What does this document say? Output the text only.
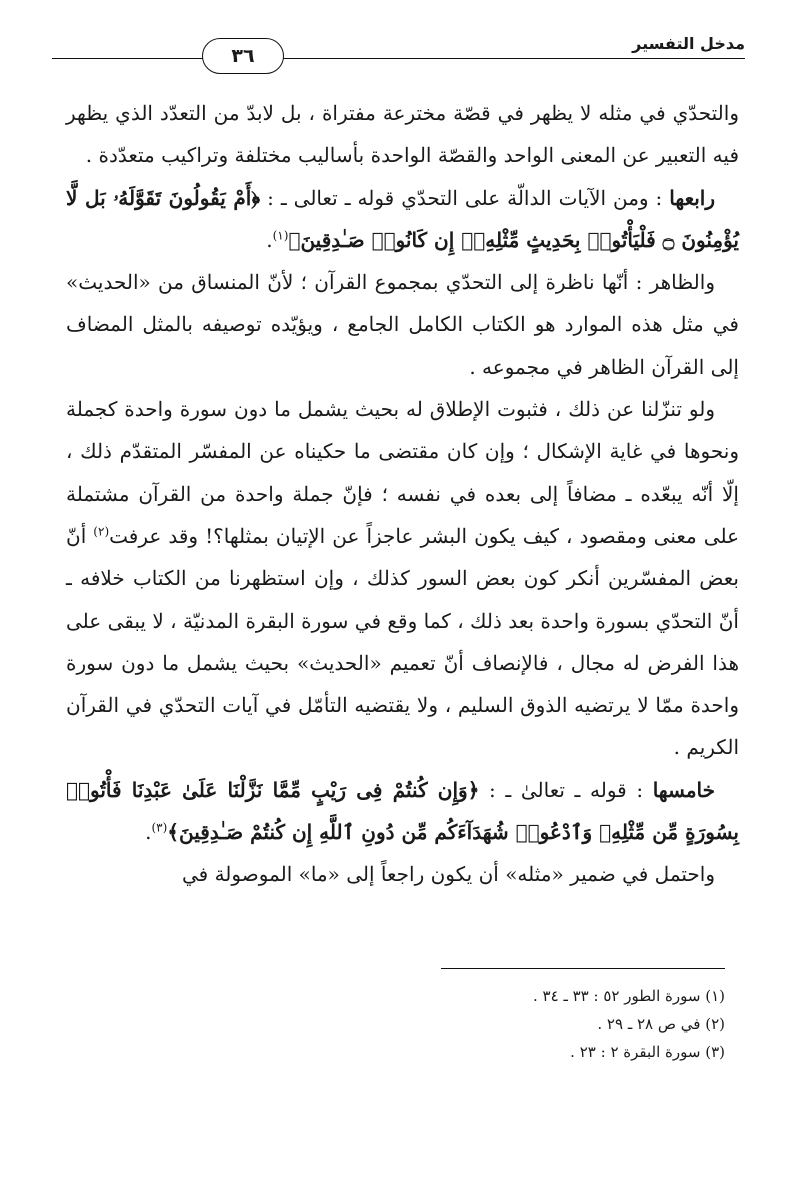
مدخل التفسير
٣٦

والتحدّي في مثله لا يظهر في قصّة مخترعة مفتراة ، بل لابدّ من التعدّد الذي يظهر فيه التعبير عن المعنى الواحد والقصّة الواحدة بأساليب مختلفة وتراكيب متعدّدة .

رابعها : ومن الآيات الدالّة على التحدّي قوله ـ تعالى ـ : ﴿أَمْ يَقُولُونَ تَقَوَّلَهُۥ بَل لَّا يُؤْمِنُونَ ۝ فَلْيَأْتُوا۟ بِحَدِيثٍ مِّثْلِهِۦٓ إِن كَانُوا۟ صَـٰدِقِينَ﴾$^{(١)}$.

والظاهر : أنّها ناظرة إلى التحدّي بمجموع القرآن ؛ لأنّ المنساق من «الحديث» في مثل هذه الموارد هو الكتاب الكامل الجامع ، ويؤيّده توصيفه بالمثل المضاف إلى القرآن الظاهر في مجموعه .

ولو تنزّلنا عن ذلك ، فثبوت الإطلاق له بحيث يشمل ما دون سورة واحدة كجملة ونحوها في غاية الإشكال ؛ وإن كان مقتضى ما حكيناه عن المفسّر المتقدّم ذلك ، إلّا أنّه يبعّده ـ مضافاً إلى بعده في نفسه ؛ فإنّ جملة واحدة من القرآن مشتملة على معنى ومقصود ، كيف يكون البشر عاجزاً عن الإتيان بمثلها؟! وقد عرفت$^{(٢)}$ أنّ بعض المفسّرين أنكر كون بعض السور كذلك ، وإن استظهرنا من الكتاب خلافه ـ أنّ التحدّي بسورة واحدة بعد ذلك ، كما وقع في سورة البقرة المدنيّة ، لا يبقى على هذا الفرض له مجال ، فالإنصاف أنّ تعميم «الحديث» بحيث يشمل ما دون سورة واحدة ممّا لا يرتضيه الذوق السليم ، ولا يقتضيه التأمّل في آيات التحدّي في القرآن الكريم .

خامسها : قوله ـ تعالىٰ ـ : ﴿وَإِن كُنتُمْ فِى رَيْبٍ مِّمَّا نَزَّلْنَا عَلَىٰ عَبْدِنَا فَأْتُوا۟ بِسُورَةٍ مِّن مِّثْلِهِۦ وَٱدْعُوا۟ شُهَدَآءَكُم مِّن دُونِ ٱللَّهِ إِن كُنتُمْ صَـٰدِقِينَ﴾$^{(٣)}$.

واحتمل في ضمير «مثله» أن يكون راجعاً إلى «ما» الموصولة في

(١) سورة الطور ٥٢ : ٣٣ ـ ٣٤ .
(٢) في ص ٢٨ ـ ٢٩ .
(٣) سورة البقرة ٢ : ٢٣ .
